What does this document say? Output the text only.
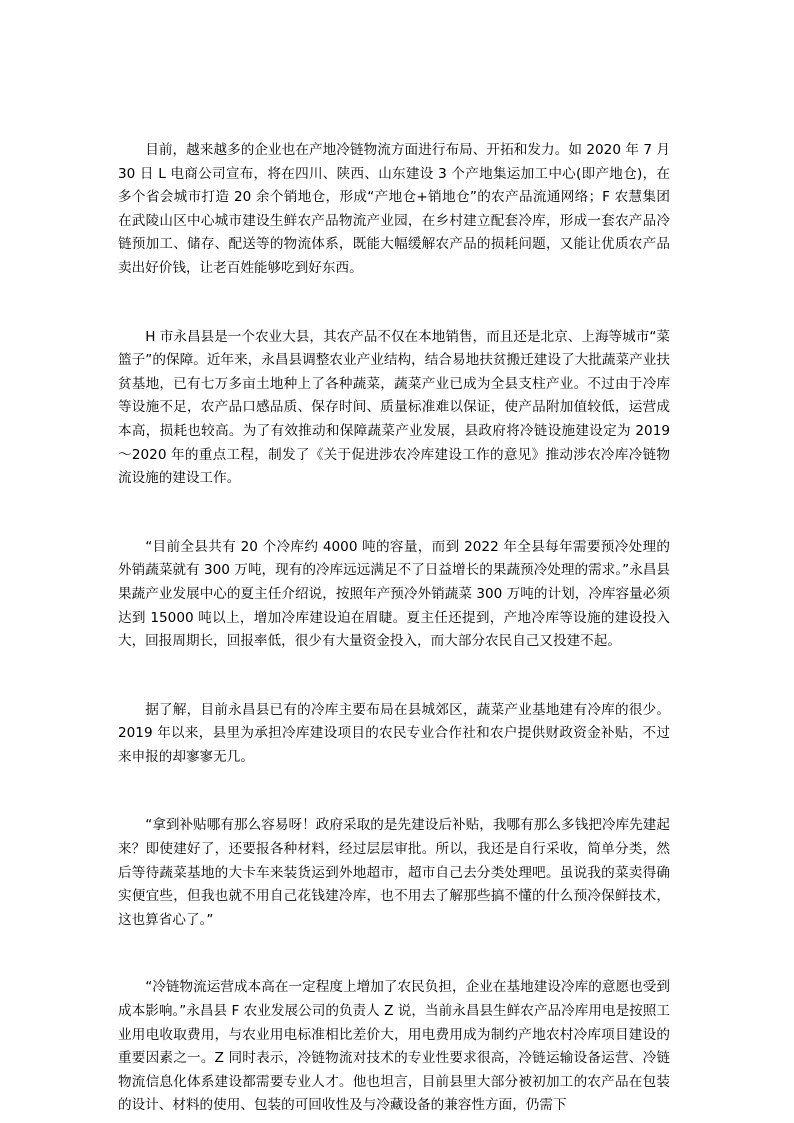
目前，越来越多的企业也在产地冷链物流方面进行布局、开拓和发力。如 2020 年 7 月 30 日 L 电商公司宣布，将在四川、陕西、山东建设 3 个产地集运加工中心(即产地仓)，在多个省会城市打造 20 余个销地仓，形成“产地仓+销地仓”的农产品流通网络；F 农慧集团在武陵山区中心城市建设生鲜农产品物流产业园，在乡村建立配套冷库，形成一套农产品冷链预加工、储存、配送等的物流体系，既能大幅缓解农产品的损耗问题，又能让优质农产品卖出好价钱，让老百姓能够吃到好东西。

H 市永昌县是一个农业大县，其农产品不仅在本地销售，而且还是北京、上海等城市“菜篮子”的保障。近年来，永昌县调整农业产业结构，结合易地扶贫搬迁建设了大批蔬菜产业扶贫基地，已有七万多亩土地种上了各种蔬菜，蔬菜产业已成为全县支柱产业。不过由于冷库等设施不足，农产品口感品质、保存时间、质量标准难以保证，使产品附加值较低，运营成本高，损耗也较高。为了有效推动和保障蔬菜产业发展，县政府将冷链设施建设定为 2019～2020 年的重点工程，制发了《关于促进涉农冷库建设工作的意见》推动涉农冷库冷链物流设施的建设工作。

“目前全县共有 20 个冷库约 4000 吨的容量，而到 2022 年全县每年需要预冷处理的外销蔬菜就有 300 万吨，现有的冷库远远满足不了日益增长的果蔬预冷处理的需求。”永昌县果蔬产业发展中心的夏主任介绍说，按照年产预冷外销蔬菜 300 万吨的计划，冷库容量必须达到 15000 吨以上，增加冷库建设迫在眉睫。夏主任还提到，产地冷库等设施的建设投入大，回报周期长，回报率低，很少有大量资金投入，而大部分农民自己又投建不起。

据了解，目前永昌县已有的冷库主要布局在县城郊区，蔬菜产业基地建有冷库的很少。2019 年以来，县里为承担冷库建设项目的农民专业合作社和农户提供财政资金补贴，不过来申报的却寥寥无几。

“拿到补贴哪有那么容易呀！政府采取的是先建设后补贴，我哪有那么多钱把冷库先建起来？即使建好了，还要报各种材料，经过层层审批。所以，我还是自行采收，简单分类，然后等待蔬菜基地的大卡车来装货运到外地超市，超市自己去分类处理吧。虽说我的菜卖得确实便宜些，但我也就不用自己花钱建冷库，也不用去了解那些搞不懂的什么预冷保鲜技术，这也算省心了。”

“冷链物流运营成本高在一定程度上增加了农民负担，企业在基地建设冷库的意愿也受到成本影响。”永昌县 F 农业发展公司的负责人 Z 说，当前永昌县生鲜农产品冷库用电是按照工业用电收取费用，与农业用电标准相比差价大，用电费用成为制约产地农村冷库项目建设的重要因素之一。Z 同时表示，冷链物流对技术的专业性要求很高，冷链运输设备运营、冷链物流信息化体系建设都需要专业人才。他也坦言，目前县里大部分被初加工的农产品在包装的设计、材料的使用、包装的可回收性及与冷藏设备的兼容性方面，仍需下
